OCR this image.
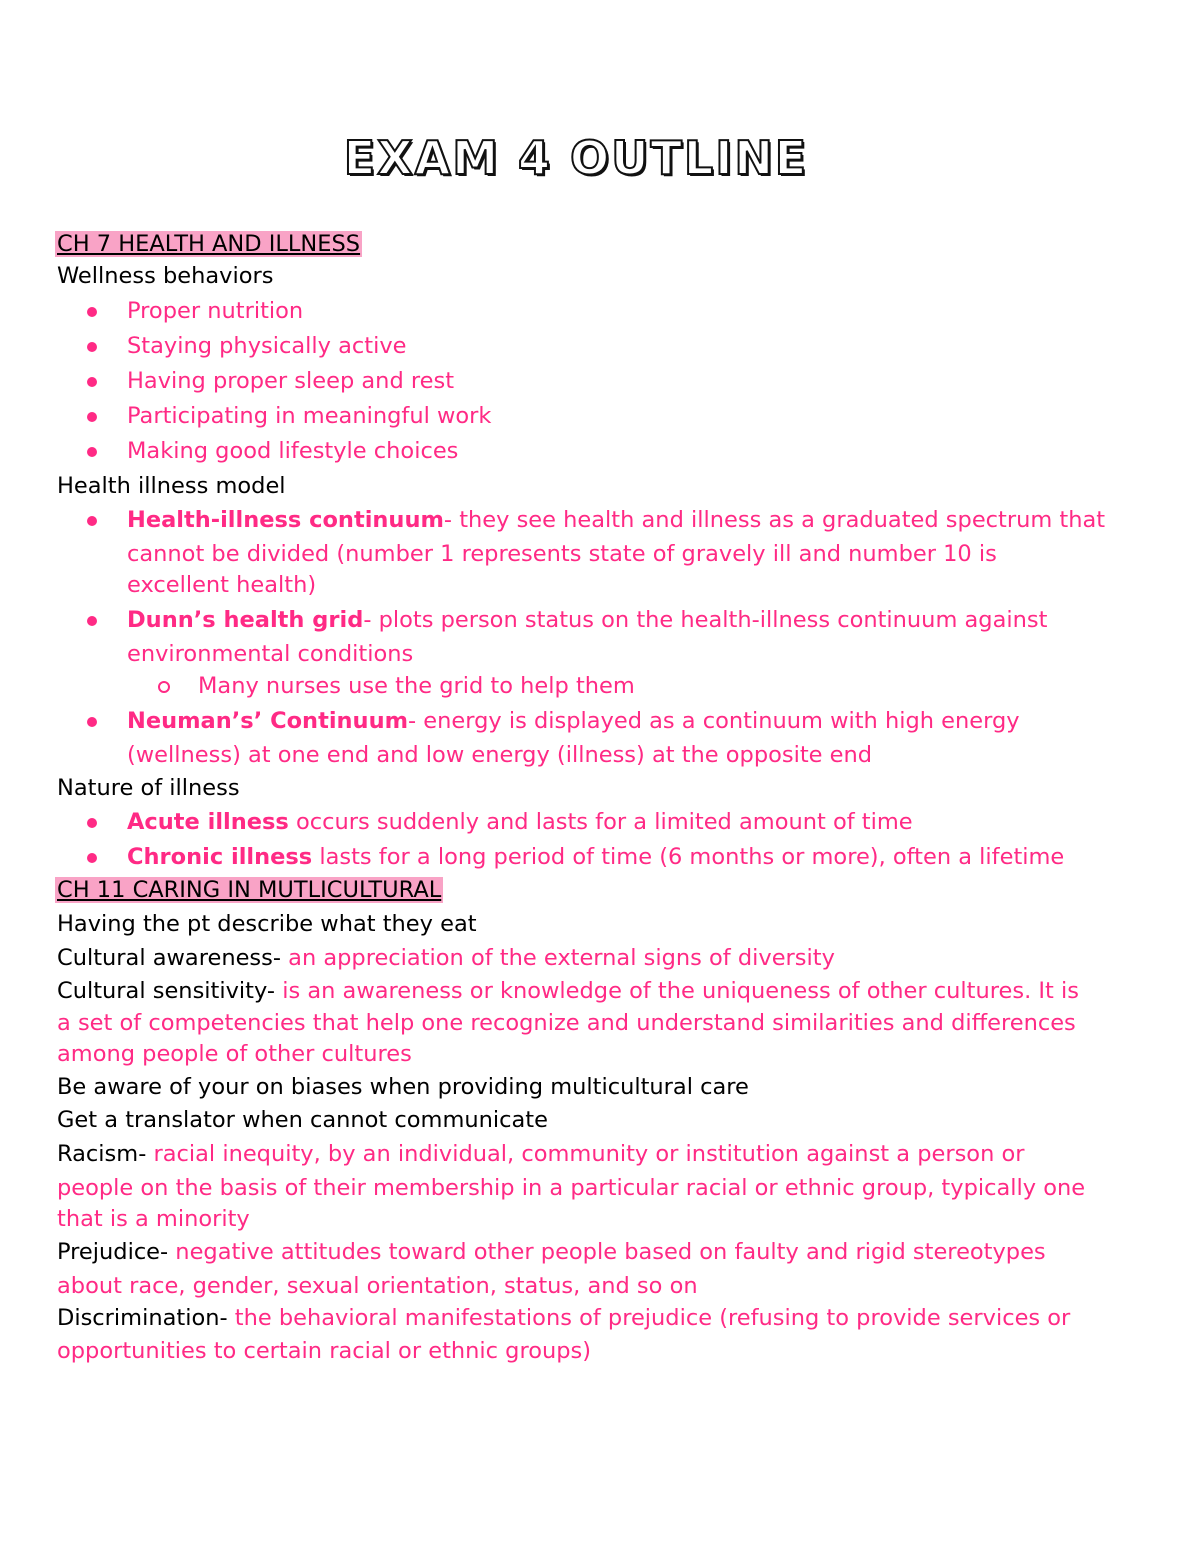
EXAM 4 OUTLINE
CH 7 HEALTH AND ILLNESS
Wellness behaviors
Proper nutrition
Staying physically active
Having proper sleep and rest
Participating in meaningful work
Making good lifestyle choices
Health illness model
Health-illness continuum- they see health and illness as a graduated spectrum that
cannot be divided (number 1 represents state of gravely ill and number 10 is
excellent health)
Dunn’s health grid- plots person status on the health-illness continuum against
environmental conditions
Many nurses use the grid to help them
Neuman’s’ Continuum- energy is displayed as a continuum with high energy
(wellness) at one end and low energy (illness) at the opposite end
Nature of illness
Acute illness occurs suddenly and lasts for a limited amount of time
Chronic illness lasts for a long period of time (6 months or more), often a lifetime
CH 11 CARING IN MUTLICULTURAL
Having the pt describe what they eat
Cultural awareness- an appreciation of the external signs of diversity
Cultural sensitivity- is an awareness or knowledge of the uniqueness of other cultures. It is
a set of competencies that help one recognize and understand similarities and differences
among people of other cultures
Be aware of your on biases when providing multicultural care
Get a translator when cannot communicate
Racism- racial inequity, by an individual, community or institution against a person or
people on the basis of their membership in a particular racial or ethnic group, typically one
that is a minority
Prejudice- negative attitudes toward other people based on faulty and rigid stereotypes
about race, gender, sexual orientation, status, and so on
Discrimination- the behavioral manifestations of prejudice (refusing to provide services or
opportunities to certain racial or ethnic groups)
